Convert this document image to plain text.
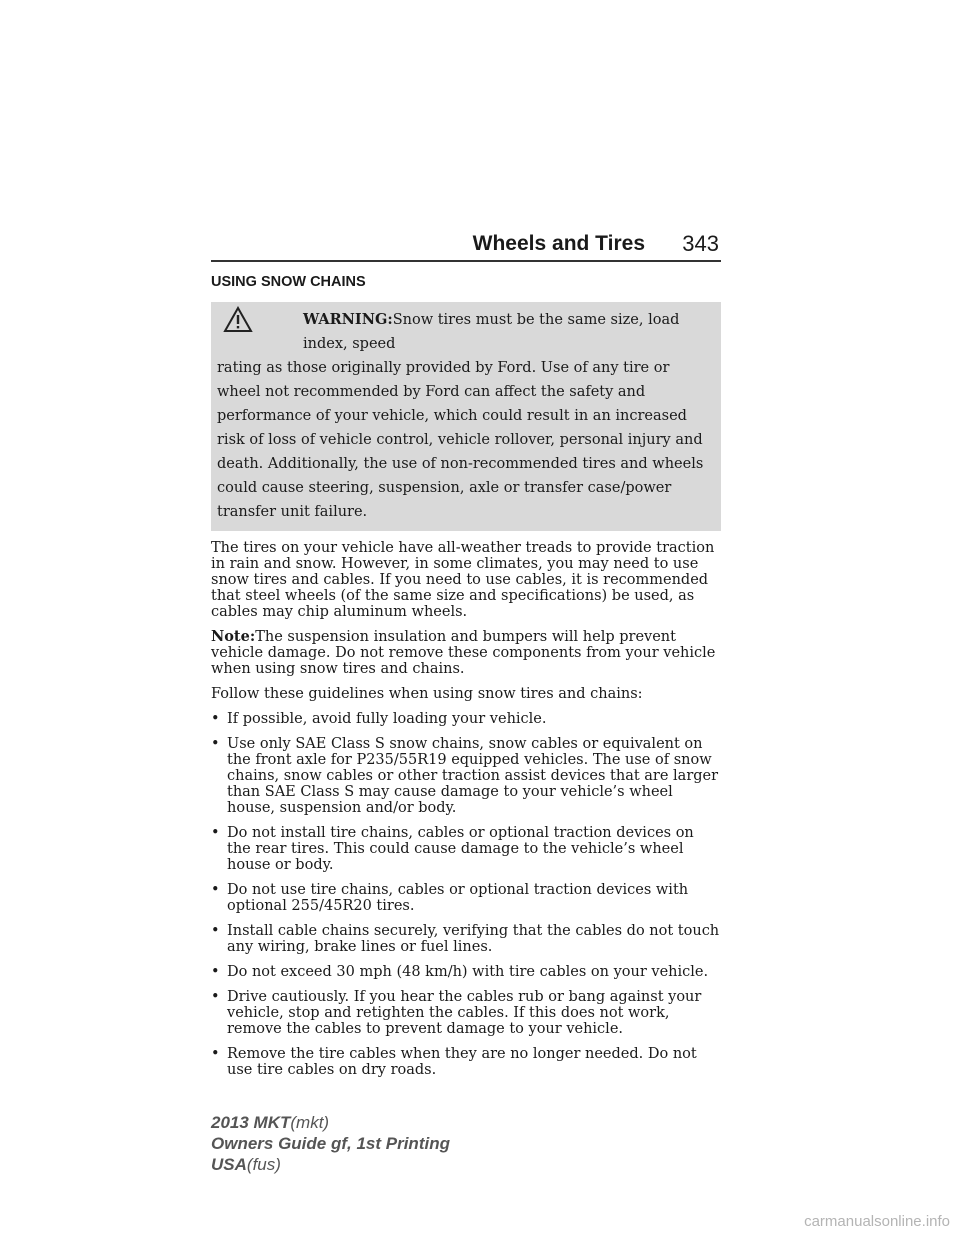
Wheels and Tires 343
USING SNOW CHAINS
WARNING:Snow tires must be the same size, load index, speed
rating as those originally provided by Ford. Use of any tire or wheel not recommended by Ford can affect the safety and performance of your vehicle, which could result in an increased risk of loss of vehicle control, vehicle rollover, personal injury and death. Additionally, the use of non-recommended tires and wheels could cause steering, suspension, axle or transfer case/power transfer unit failure.

The tires on your vehicle have all-weather treads to provide traction in rain and snow. However, in some climates, you may need to use snow tires and cables. If you need to use cables, it is recommended that steel wheels (of the same size and specifications) be used, as cables may chip aluminum wheels.

Note:The suspension insulation and bumpers will help prevent vehicle damage. Do not remove these components from your vehicle when using snow tires and chains.

Follow these guidelines when using snow tires and chains:

• If possible, avoid fully loading your vehicle.
• Use only SAE Class S snow chains, snow cables or equivalent on the front axle for P235/55R19 equipped vehicles. The use of snow chains, snow cables or other traction assist devices that are larger than SAE Class S may cause damage to your vehicle’s wheel house, suspension and/or body.
• Do not install tire chains, cables or optional traction devices on the rear tires. This could cause damage to the vehicle’s wheel house or body.
• Do not use tire chains, cables or optional traction devices with optional 255/45R20 tires.
• Install cable chains securely, verifying that the cables do not touch any wiring, brake lines or fuel lines.
• Do not exceed 30 mph (48 km/h) with tire cables on your vehicle.
• Drive cautiously. If you hear the cables rub or bang against your vehicle, stop and retighten the cables. If this does not work, remove the cables to prevent damage to your vehicle.
• Remove the tire cables when they are no longer needed. Do not use tire cables on dry roads.
2013 MKT(mkt)
Owners Guide gf, 1st Printing
USA(fus)
carmanualsonline.info
